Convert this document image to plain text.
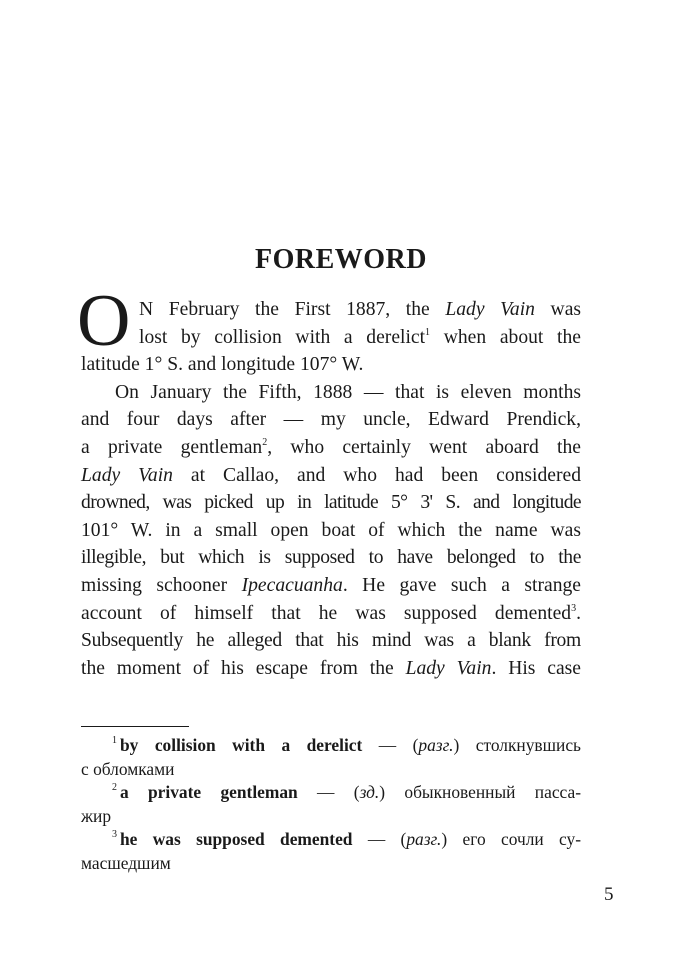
FOREWORD
O N February the First 1887, the Lady Vain was
lost by collision with a derelict$^1$ when about the
latitude 1° S. and longitude 107° W.
On January the Fifth, 1888 — that is eleven months
and four days after — my uncle, Edward Prendick,
a private gentleman$^2$, who certainly went aboard the
Lady Vain at Callao, and who had been considered
drowned, was picked up in latitude 5° 3' S. and longitude
101° W. in a small open boat of which the name was
illegible, but which is supposed to have belonged to the
missing schooner Ipecacuanha. He gave such a strange
account of himself that he was supposed demented$^3$.
Subsequently he alleged that his mind was a blank from
the moment of his escape from the Lady Vain. His case
$^1$ by collision with a derelict — (разг.) столкнувшись
с обломками
$^2$ a private gentleman — (зд.) обыкновенный пасса-
жир
$^3$ he was supposed demented — (разг.) его сочли су-
масшедшим
5
